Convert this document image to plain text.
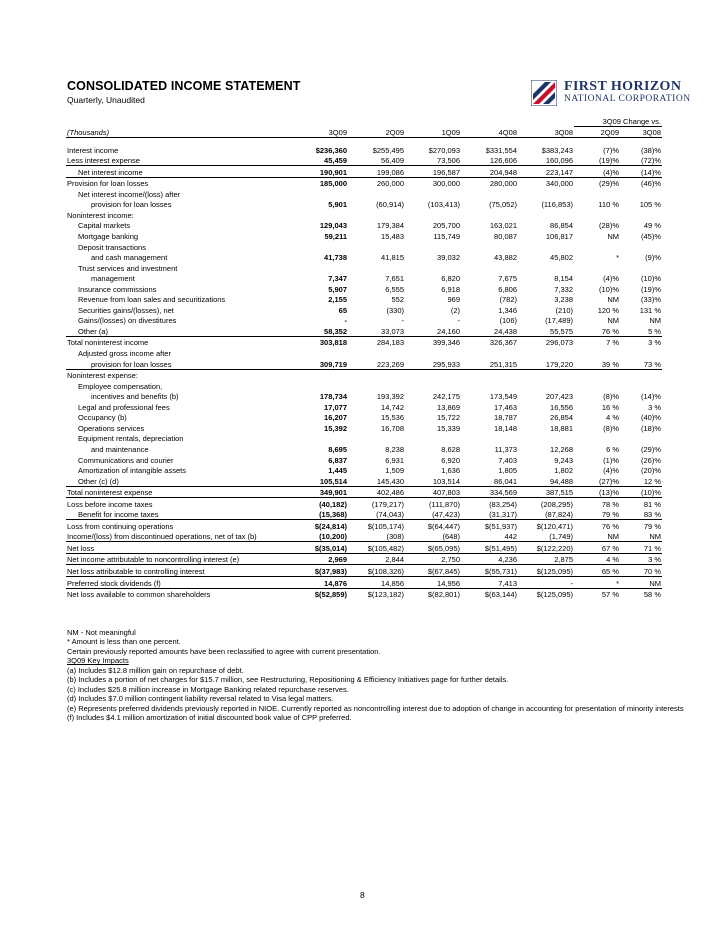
CONSOLIDATED INCOME STATEMENT
Quarterly, Unaudited
FIRST HORIZON
NATIONAL CORPORATION
						3Q09 Change vs.	
(Thousands)	3Q09	2Q09	1Q09	4Q08	3Q08	2Q09	3Q08

Interest income	$236,360	$255,495	$270,093	$331,554	$383,243	(7)%	(38)%
Less interest expense	45,459	56,409	73,506	126,606	160,096	(19)%	(72)%
Net interest income	190,901	199,086	196,587	204,948	223,147	(4)%	(14)%
Provision for loan losses	185,000	260,000	300,000	280,000	340,000	(29)%	(46)%
Net interest income/(loss) after							
provision for loan losses	5,901	(60,914)	(103,413)	(75,052)	(116,853)	110 %	105 %
Noninterest income:							
Capital markets	129,043	179,384	205,700	163,021	86,854	(28)%	49 %
Mortgage banking	59,211	15,483	115,749	80,087	106,817	NM	(45)%
Deposit transactions							
and cash management	41,738	41,815	39,032	43,882	45,802	*	(9)%
Trust services and investment							
management	7,347	7,651	6,820	7,675	8,154	(4)%	(10)%
Insurance commissions	5,907	6,555	6,918	6,806	7,332	(10)%	(19)%
Revenue from loan sales and securitizations	2,155	552	969	(782)	3,238	NM	(33)%
Securities gains/(losses), net	65	(330)	(2)	1,346	(210)	120 %	131 %
Gains/(losses) on divestitures	-	-	-	(106)	(17,489)	NM	NM
Other (a)	58,352	33,073	24,160	24,438	55,575	76 %	5 %
Total noninterest income	303,818	284,183	399,346	326,367	296,073	7 %	3 %
Adjusted gross income after							
provision for loan losses	309,719	223,269	295,933	251,315	179,220	39 %	73 %
Noninterest expense:							
Employee compensation,							
incentives and benefits (b)	178,734	193,392	242,175	173,549	207,423	(8)%	(14)%
Legal and professional fees	17,077	14,742	13,869	17,463	16,556	16 %	3 %
Occupancy (b)	16,207	15,536	15,722	18,787	26,854	4 %	(40)%
Operations services	15,392	16,708	15,339	18,148	18,881	(8)%	(18)%
Equipment rentals, depreciation							
and maintenance	8,695	8,238	8,628	11,373	12,268	6 %	(29)%
Communications and courier	6,837	6,931	6,920	7,403	9,243	(1)%	(26)%
Amortization of intangible assets	1,445	1,509	1,636	1,805	1,802	(4)%	(20)%
Other (c) (d)	105,514	145,430	103,514	86,041	94,488	(27)%	12 %
Total noninterest expense	349,901	402,486	407,803	334,569	387,515	(13)%	(10)%
Loss before income taxes	(40,182)	(179,217)	(111,870)	(83,254)	(208,295)	78 %	81 %
Benefit for income taxes	(15,368)	(74,043)	(47,423)	(31,317)	(87,824)	79 %	83 %
Loss from continuing operations	$(24,814)	$(105,174)	$(64,447)	$(51,937)	$(120,471)	76 %	79 %
Income/(loss) from discontinued operations, net of tax (b)	(10,200)	(308)	(648)	442	(1,749)	NM	NM
Net loss	$(35,014)	$(105,482)	$(65,095)	$(51,495)	$(122,220)	67 %	71 %
Net income attributable to noncontrolling interest (e)	2,969	2,844	2,750	4,236	2,875	4 %	3 %
Net loss attributable to controlling interest	$(37,983)	$(108,326)	$(67,845)	$(55,731)	$(125,095)	65 %	70 %
Preferred stock dividends (f)	14,876	14,856	14,956	7,413	-	*	NM
Net loss available to common shareholders	$(52,859)	$(123,182)	$(82,801)	$(63,144)	$(125,095)	57 %	58 %
NM - Not meaningful
* Amount is less than one percent.
Certain previously reported amounts have been reclassified to agree with current presentation.
3Q09 Key Impacts
(a) Includes $12.8 million gain on repurchase of debt.
(b) Includes a portion of net charges for $15.7 million, see Restructuring, Repositioning & Efficiency Initiatives page for further details.
(c) Includes $25.8 million increase in Mortgage Banking related repurchase reserves.
(d) Includes $7.0 million contingent liability reversal related to Visa legal matters.
(e) Represents preferred dividends previously reported in NIOE. Currently reported as noncontrolling interest due to adoption of change in accounting for presentation of minority interests
(f) Includes $4.1 million amortization of initial discounted book value of CPP preferred.
8
